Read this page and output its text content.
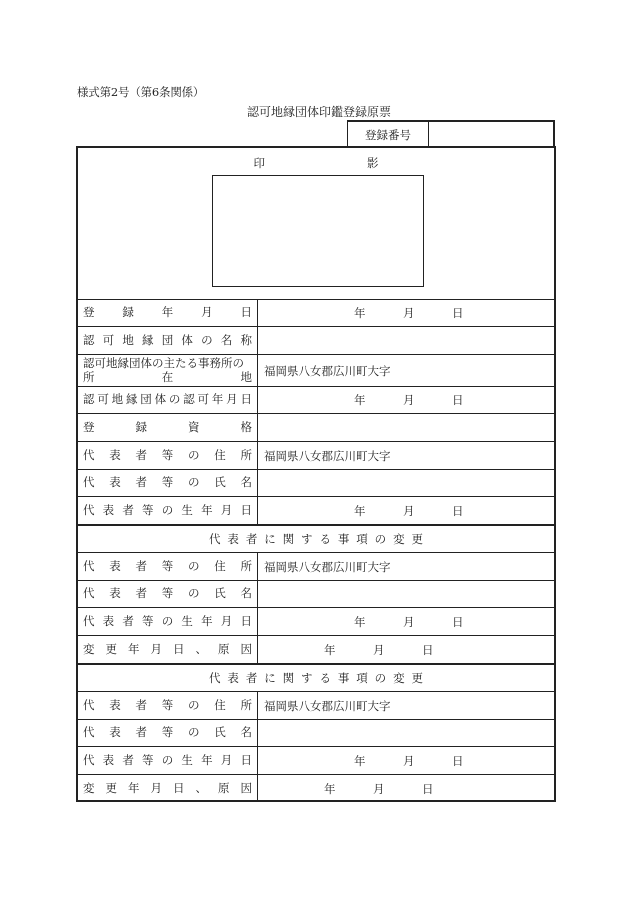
様式第2号（第6条関係）
認可地縁団体印鑑登録原票
登録番号
印	影
登録年月日	年	月	日
認可地縁団体の名称
認可地縁団体の主たる事務所の
所在地	福岡県八女郡広川町大字
認可地縁団体の認可年月日	年	月	日
登録資格
代表者等の住所	福岡県八女郡広川町大字
代表者等の氏名
代表者等の生年月日	年	月	日
代表者に関する事項の変更
代表者等の住所	福岡県八女郡広川町大字
代表者等の氏名
代表者等の生年月日	年	月	日
変更年月日、原因	年	月	日
代表者に関する事項の変更
代表者等の住所	福岡県八女郡広川町大字
代表者等の氏名
代表者等の生年月日	年	月	日
変更年月日、原因	年	月	日
